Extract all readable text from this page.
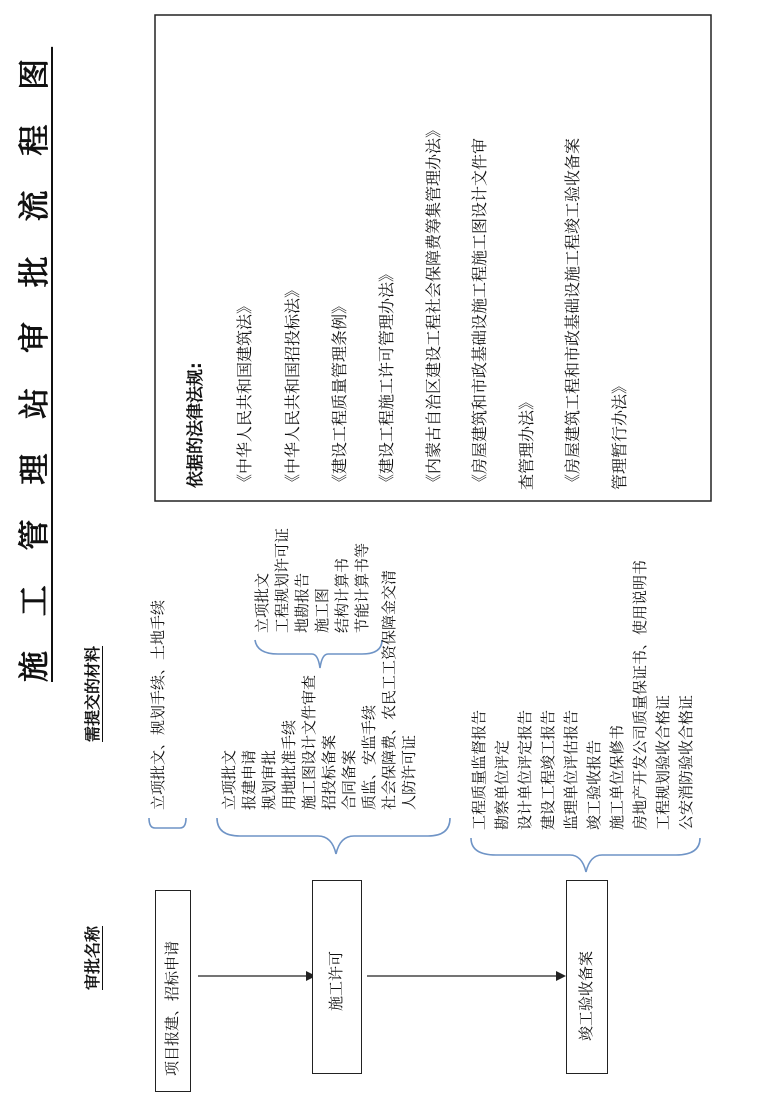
施 工 管 理 站 审 批 流 程 图
需提交的材料
审批名称	项目报建、招标申请	施工许可	竣工验收备案
立项批文、规划手续、土地手续	立项批文 报建申请 规划审批 用地批准手续 施工图设计文件审查 招投标备案 合同备案 质监、安监手续 社会保障费、农民工工资保障金交清 人防许可证
立项批文 工程规划许可证 地勘报告 施工图 结构计算书 节能计算书等
工程质量监督报告 勘察单位评定 设计单位评定报告 建设工程竣工报告 监理单位评估报告 竣工验收报告 施工单位保修书 房地产开发公司质量保证书、使用说明书 工程规划验收合格证 公安消防验收合格证
依据的法律法规: 《中华人民共和国建筑法》 《中华人民共和国招投标法》 《建设工程质量管理条例》 《建设工程施工许可管理办法》 《内蒙古自治区建设工程社会保障费筹集管理办法》 《房屋建筑和市政基础设施工程施工图设计文件审 查管理办法》 《房屋建筑工程和市政基础设施工程竣工验收备案 管理暂行办法》
